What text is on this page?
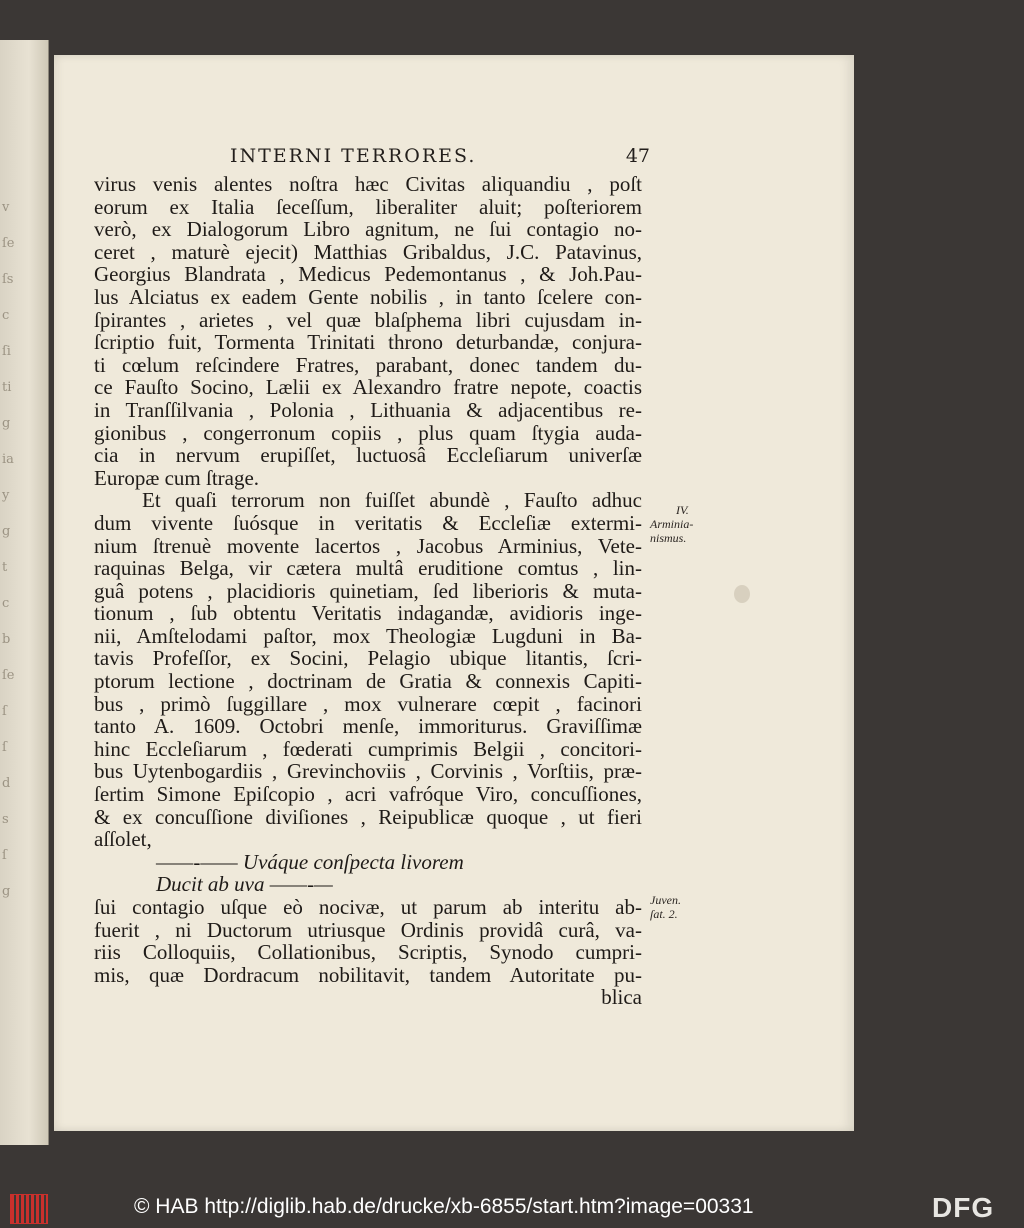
v
ſe
ſs
c
ſi
ti
g
ia
y
g
t
c
b
ſe
ſ
ſ
d
s
ſ
g
INTERNI TERRORES.	47
virus venis alentes noſtra hæc Civitas aliquandiu , poſt
eorum ex Italia ſeceſſum, liberaliter aluit; poſteriorem
verò, ex Dialogorum Libro agnitum, ne ſui contagio no-
ceret , maturè ejecit) Matthias Gribaldus, J.C. Patavinus,
Georgius Blandrata , Medicus Pedemontanus , & Joh.Pau-
lus Alciatus ex eadem Gente nobilis , in tanto ſcelere con-
ſpirantes , arietes , vel quæ blaſphema libri cujusdam in-
ſcriptio fuit, Tormenta Trinitati throno deturbandæ, conjura-
ti cœlum reſcindere Fratres, parabant, donec tandem du-
ce Fauſto Socino, Lælii ex Alexandro fratre nepote, coactis
in Tranſſilvania , Polonia , Lithuania & adjacentibus re-
gionibus , congerronum copiis , plus quam ſtygia auda-
cia in nervum erupiſſet, luctuosâ Eccleſiarum univerſæ
Europæ cum ſtrage.
Et quaſi terrorum non fuiſſet abundè , Fauſto adhuc
dum vivente ſuósque in veritatis & Eccleſiæ extermi-
nium ſtrenuè movente lacertos , Jacobus Arminius, Vete-
raquinas Belga, vir cætera multâ eruditione comtus , lin-
guâ potens , placidioris quinetiam, ſed liberioris & muta-
tionum , ſub obtentu Veritatis indagandæ, avidioris inge-
nii, Amſtelodami paſtor, mox Theologiæ Lugduni in Ba-
tavis Profeſſor, ex Socini, Pelagio ubique litantis, ſcri-
ptorum lectione , doctrinam de Gratia & connexis Capiti-
bus , primò ſuggillare , mox vulnerare cœpit , facinori
tanto A. 1609. Octobri menſe, immoriturus. Graviſſimæ
hinc Eccleſiarum , fœderati cumprimis Belgii , concitori-
bus Uytenbogardiis , Grevinchoviis , Corvinis , Vorſtiis, præ-
ſertim Simone Epiſcopio , acri vafróque Viro, concuſſiones,
& ex concuſſione diviſiones , Reipublicæ quoque , ut fieri
aſſolet,
——-—— Uváque conſpecta livorem
Ducit ab uva ——-—
ſui contagio uſque eò nocivæ, ut parum ab interitu ab-
fuerit , ni Ductorum utriusque Ordinis providâ curâ, va-
riis Colloquiis, Collationibus, Scriptis, Synodo cumpri-
mis, quæ Dordracum nobilitavit, tandem Autoritate pu-
blica
IV.
Arminia-
nismus.
Juven.
ſat. 2.
© HAB http://diglib.hab.de/drucke/xb-6855/start.htm?image=00331	DFG
